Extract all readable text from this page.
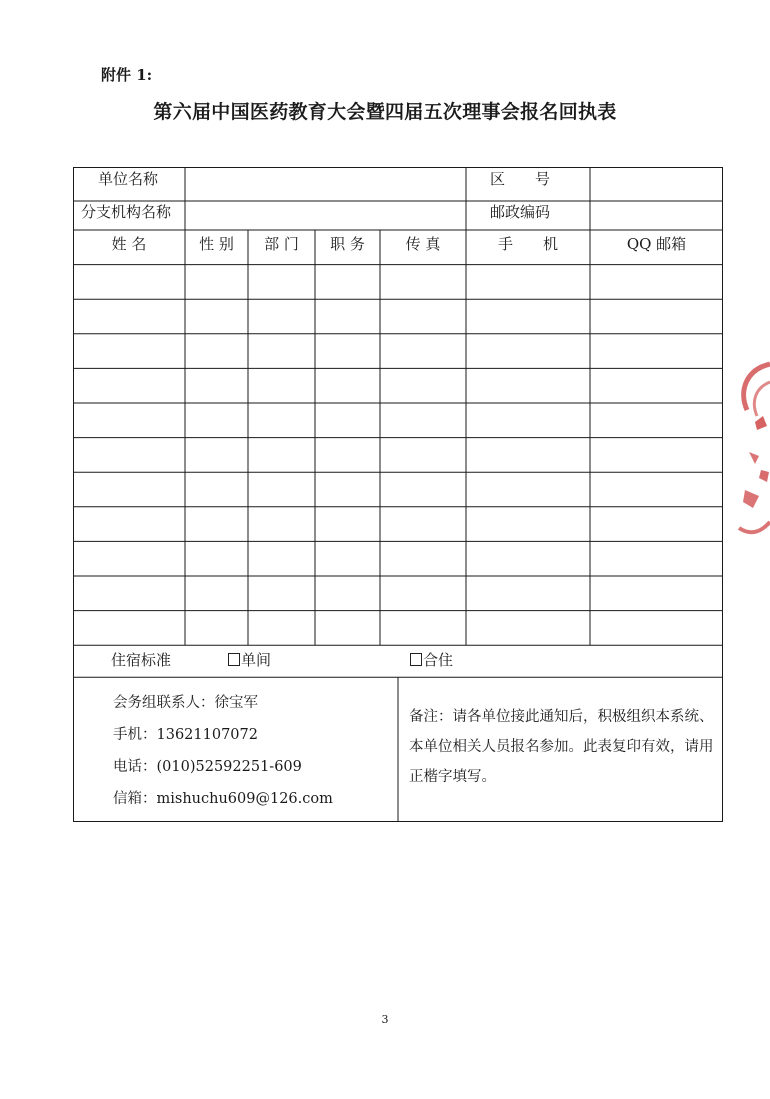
附件 1:
第六届中国医药教育大会暨四届五次理事会报名回执表
单位名称	区　　号
分支机构名称	邮政编码
姓 名	性 别	部 门	职 务	传 真	手　　机	QQ 邮箱
住宿标准	单间	合住
会务组联系人：徐宝军
手机：13621107072
电话：(010)52592251-609
信箱：mishuchu609@126.com
备注：请各单位接此通知后，积极组织本系统、本单位相关人员报名参加。此表复印有效，请用正楷字填写。
3
